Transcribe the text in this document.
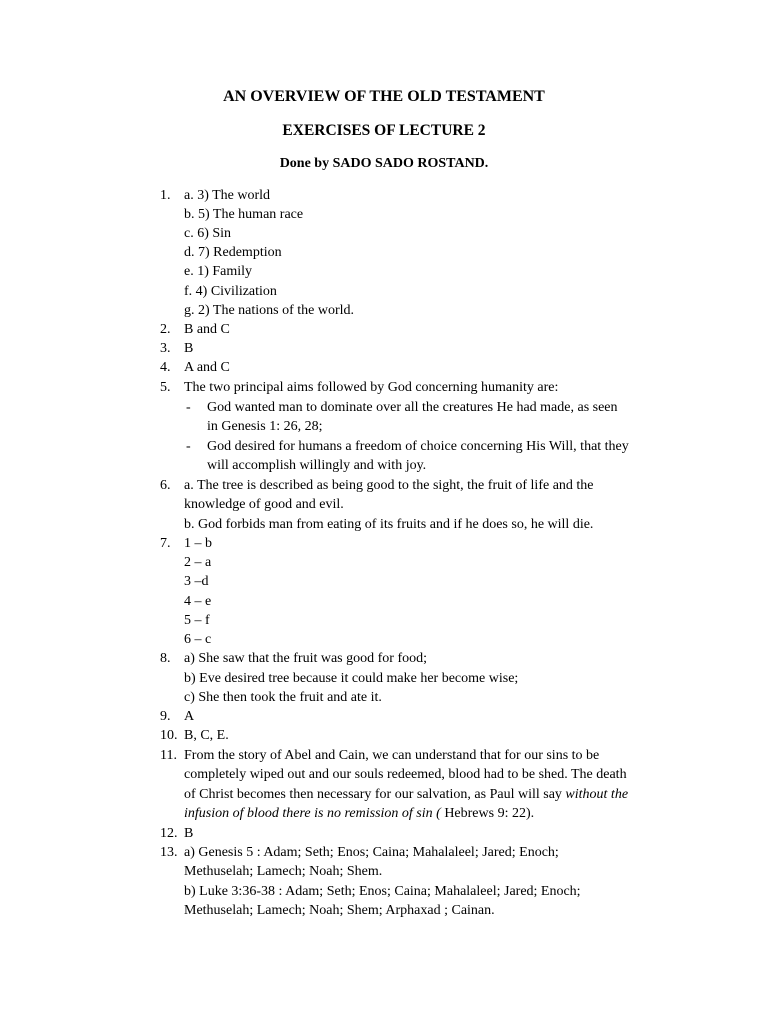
AN OVERVIEW OF THE OLD TESTAMENT
EXERCISES OF LECTURE 2
Done by SADO SADO ROSTAND.
1. a. 3) The world
b. 5) The human race
c. 6) Sin
d. 7) Redemption
e. 1) Family
f. 4) Civilization
g. 2) The nations of the world.
2. B and C
3. B
4. A and C
5. The two principal aims followed by God concerning humanity are:
- God wanted man to dominate over all the creatures He had made, as seen
in Genesis 1: 26, 28;
- God desired for humans a freedom of choice concerning His Will, that they
will accomplish willingly and with joy.
6. a. The tree is described as being good to the sight, the fruit of life and the
knowledge of good and evil.
b. God forbids man from eating of its fruits and if he does so, he will die.
7. 1 – b
2 – a
3 –d
4 – e
5 – f
6 – c
8. a) She saw that the fruit was good for food;
b) Eve desired tree because it could make her become wise;
c) She then took the fruit and ate it.
9. A
10. B, C, E.
11. From the story of Abel and Cain, we can understand that for our sins to be
completely wiped out and our souls redeemed, blood had to be shed. The death
of Christ becomes then necessary for our salvation, as Paul will say without the
infusion of blood there is no remission of sin ( Hebrews 9: 22).
12. B
13. a) Genesis 5 : Adam; Seth; Enos; Caina; Mahalaleel; Jared; Enoch;
Methuselah; Lamech; Noah; Shem.
b) Luke 3:36-38 : Adam; Seth; Enos; Caina; Mahalaleel; Jared; Enoch;
Methuselah; Lamech; Noah; Shem; Arphaxad ; Cainan.
